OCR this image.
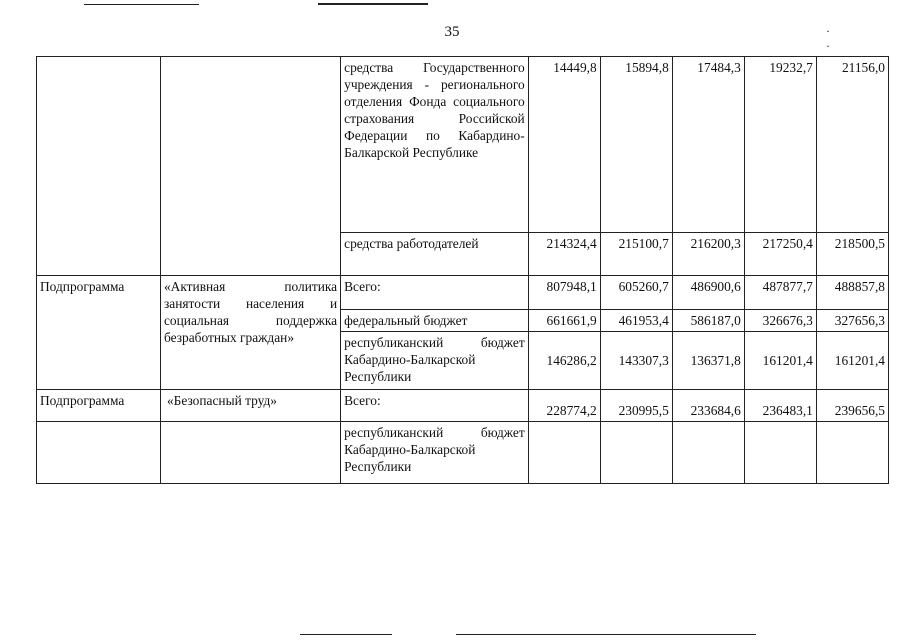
35	· ·
		средства Государственного учреждения - регионального отделения Фонда социального страхования Российской Федерации по Кабардино-Балкарской Республике	14449,8	15894,8	17484,3	19232,7	21156,0
		средства работодателей	214324,4	215100,7	216200,3	217250,4	218500,5
Подпрограмма	«Активная политика занятости населения и социальная поддержка безработных граждан»	Всего:	807948,1	605260,7	486900,6	487877,7	488857,8
		федеральный бюджет	661661,9	461953,4	586187,0	326676,3	327656,3
		республиканский бюджет Кабардино-Балкарской Республики	146286,2	143307,3	136371,8	161201,4	161201,4
Подпрограмма	«Безопасный труд»	Всего:	228774,2	230995,5	233684,6	236483,1	239656,5
		республиканский бюджет Кабардино-Балкарской Республики					
